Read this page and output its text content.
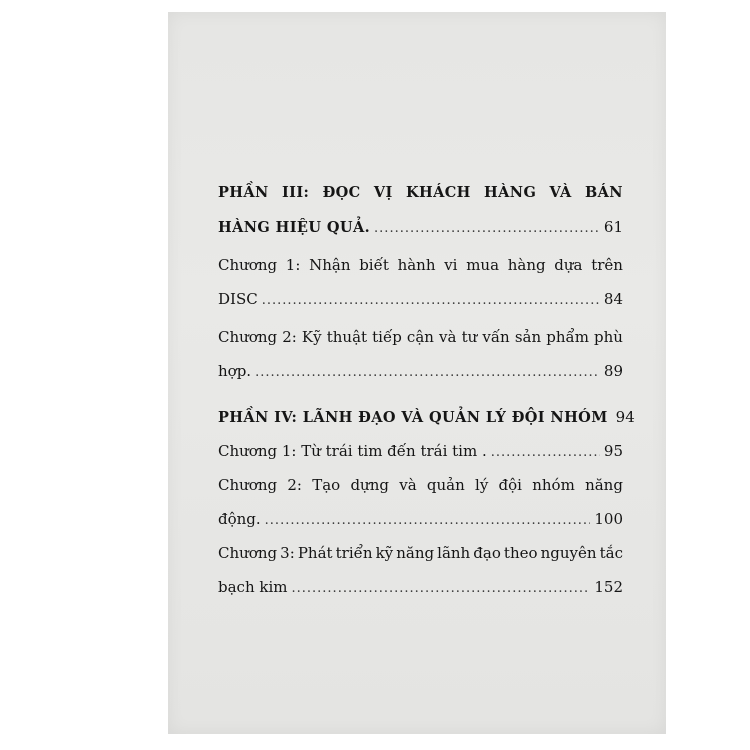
PHẦN III: ĐỌC VỊ KHÁCH HÀNG VÀ BÁN
HÀNG HIỆU QUẢ. .....	61
Chương 1: Nhận biết hành vi mua hàng dựa trên
DISC .....	84
Chương 2: Kỹ thuật tiếp cận và tư vấn sản phẩm phù
hợp. .....	89
PHẦN IV: LÃNH ĐẠO VÀ QUẢN LÝ ĐỘI NHÓM 94
Chương 1: Từ trái tim đến trái tim . .....	95
Chương 2: Tạo dựng và quản lý đội nhóm năng
động. .....	100
Chương 3: Phát triển kỹ năng lãnh đạo theo nguyên tắc
bạch kim .....	152
